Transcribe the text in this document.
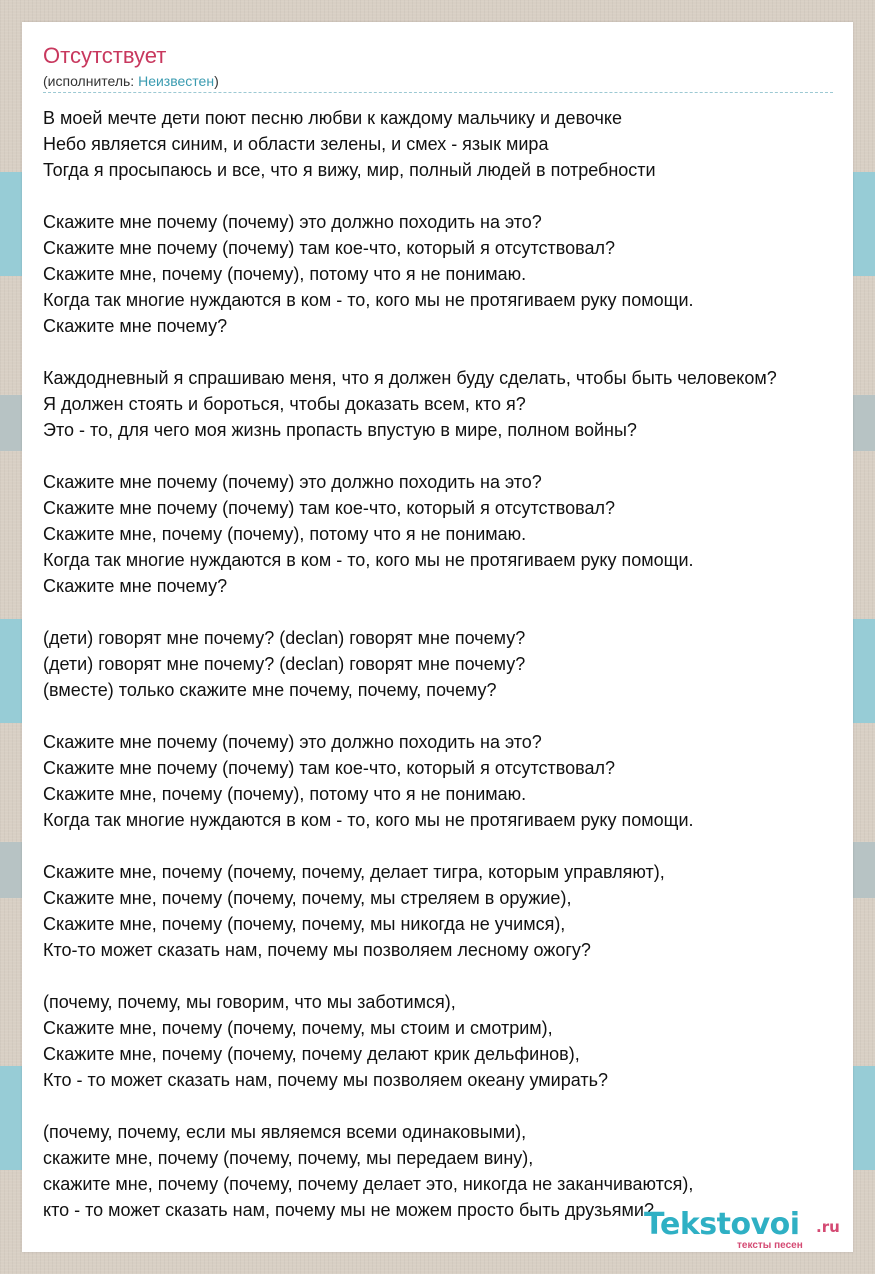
Отсутствует
(исполнитель: Неизвестен)
В моей мечте дети поют песню любви к каждому мальчику и девочке
Небо является синим, и области зелены, и смех - язык мира
Тогда я просыпаюсь и все, что я вижу, мир, полный людей в потребности
Скажите мне почему (почему) это должно походить на это?
Скажите мне почему (почему) там кое-что, который я отсутствовал?
Скажите мне, почему (почему), потому что я не понимаю.
Когда так многие нуждаются в ком - то, кого мы не протягиваем руку помощи.
Скажите мне почему?
Каждодневный я спрашиваю меня, что я должен буду сделать, чтобы быть человеком?
Я должен стоять и бороться, чтобы доказать всем, кто я?
Это - то, для чего моя жизнь пропасть впустую в мире, полном войны?
Скажите мне почему (почему) это должно походить на это?
Скажите мне почему (почему) там кое-что, который я отсутствовал?
Скажите мне, почему (почему), потому что я не понимаю.
Когда так многие нуждаются в ком - то, кого мы не протягиваем руку помощи.
Скажите мне почему?
(дети) говорят мне почему? (declan) говорят мне почему?
(дети) говорят мне почему? (declan) говорят мне почему?
(вместе) только скажите мне почему, почему, почему?
Скажите мне почему (почему) это должно походить на это?
Скажите мне почему (почему) там кое-что, который я отсутствовал?
Скажите мне, почему (почему), потому что я не понимаю.
Когда так многие нуждаются в ком - то, кого мы не протягиваем руку помощи.
Скажите мне, почему (почему, почему, делает тигра, которым управляют),
Скажите мне, почему (почему, почему, мы стреляем в оружие),
Скажите мне, почему (почему, почему, мы никогда не учимся),
Кто-то может сказать нам, почему мы позволяем лесному ожогу?
(почему, почему, мы говорим, что мы заботимся),
Скажите мне, почему (почему, почему, мы стоим и смотрим),
Скажите мне, почему (почему, почему делают крик дельфинов),
Кто - то может сказать нам, почему мы позволяем океану умирать?
(почему, почему, если мы являемся всеми одинаковыми),
скажите мне, почему (почему, почему, мы передаем вину),
скажите мне, почему (почему, почему делает это, никогда не заканчиваются),
кто - то может сказать нам, почему мы не можем просто быть друзьями?
Tekstovoi .ru
тексты песен
